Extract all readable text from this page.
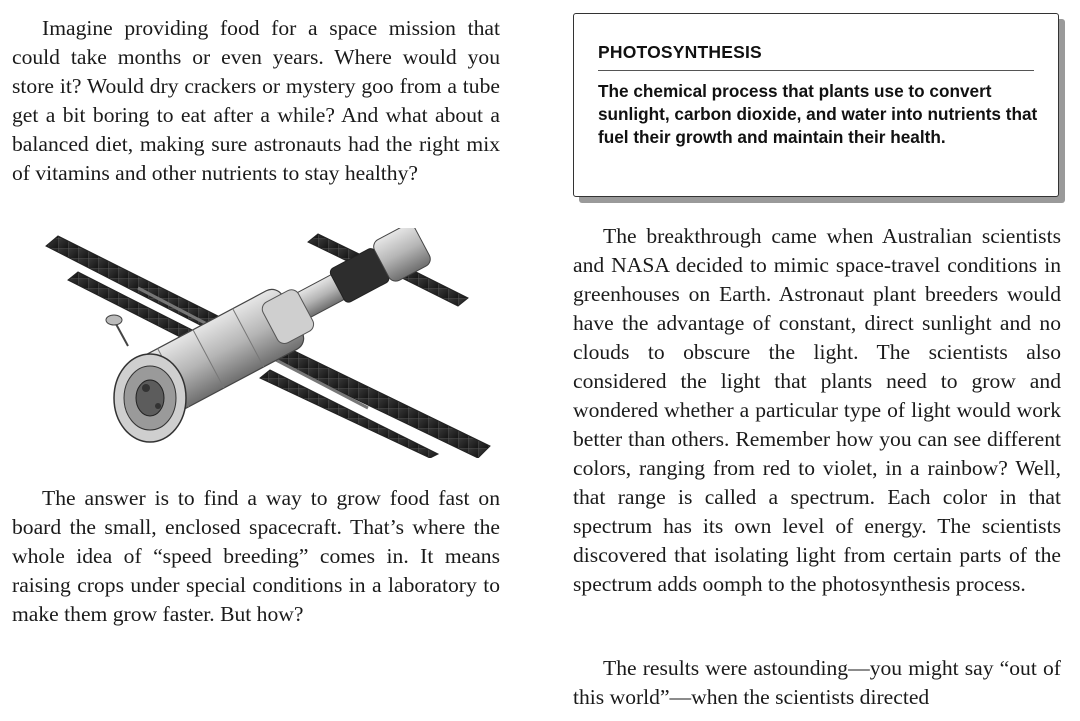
Imagine providing food for a space mission that could take months or even years. Where would you store it? Would dry crackers or mystery goo from a tube get a bit boring to eat after a while? And what about a balanced diet, making sure astronauts had the right mix of vitamins and other nutrients to stay healthy?

The answer is to find a way to grow food fast on board the small, enclosed spacecraft. That’s where the whole idea of “speed breeding” comes in. It means raising crops under special conditions in a laboratory to make them grow faster. But how?

PHOTOSYNTHESIS

The chemical process that plants use to convert sunlight, carbon dioxide, and water into nutrients that fuel their growth and maintain their health.

The breakthrough came when Australian scientists and NASA decided to mimic space-travel conditions in greenhouses on Earth. Astronaut plant breeders would have the advantage of constant, direct sunlight and no clouds to obscure the light. The scientists also considered the light that plants need to grow and wondered whether a particular type of light would work better than others. Remember how you can see different colors, ranging from red to violet, in a rainbow? Well, that range is called a spectrum. Each color in that spectrum has its own level of energy. The scientists discovered that isolating light from certain parts of the spectrum adds oomph to the photosynthesis process.

The results were astounding—you might say “out of this world”—when the scientists directed
